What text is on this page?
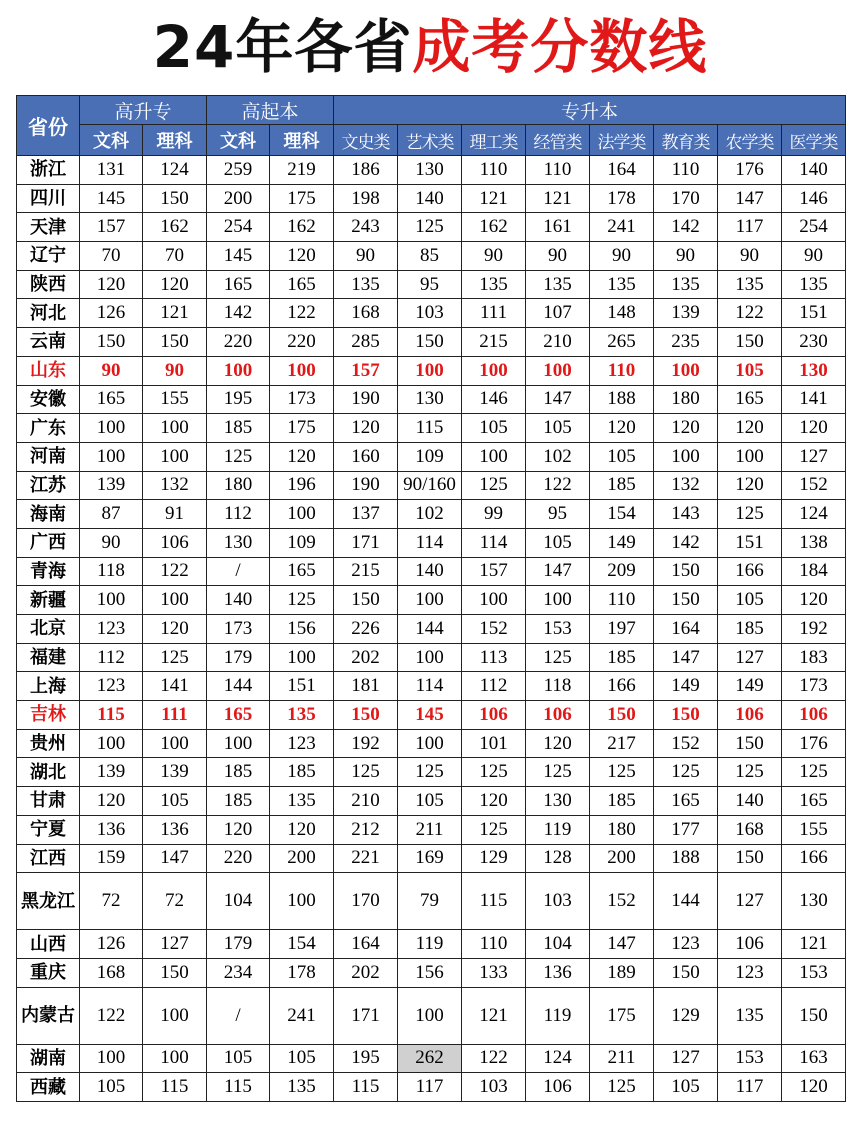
24年各省成考分数线
省份	高升专		高起本		专升本							
	文科	理科	文科	理科	文史类	艺术类	理工类	经管类	法学类	教育类	农学类	医学类
浙江	131	124	259	219	186	130	110	110	164	110	176	140
四川	145	150	200	175	198	140	121	121	178	170	147	146
天津	157	162	254	162	243	125	162	161	241	142	117	254
辽宁	70	70	145	120	90	85	90	90	90	90	90	90
陕西	120	120	165	165	135	95	135	135	135	135	135	135
河北	126	121	142	122	168	103	111	107	148	139	122	151
云南	150	150	220	220	285	150	215	210	265	235	150	230
山东	90	90	100	100	157	100	100	100	110	100	105	130
安徽	165	155	195	173	190	130	146	147	188	180	165	141
广东	100	100	185	175	120	115	105	105	120	120	120	120
河南	100	100	125	120	160	109	100	102	105	100	100	127
江苏	139	132	180	196	190	90/160	125	122	185	132	120	152
海南	87	91	112	100	137	102	99	95	154	143	125	124
广西	90	106	130	109	171	114	114	105	149	142	151	138
青海	118	122	/	165	215	140	157	147	209	150	166	184
新疆	100	100	140	125	150	100	100	100	110	150	105	120
北京	123	120	173	156	226	144	152	153	197	164	185	192
福建	112	125	179	100	202	100	113	125	185	147	127	183
上海	123	141	144	151	181	114	112	118	166	149	149	173
吉林	115	111	165	135	150	145	106	106	150	150	106	106
贵州	100	100	100	123	192	100	101	120	217	152	150	176
湖北	139	139	185	185	125	125	125	125	125	125	125	125
甘肃	120	105	185	135	210	105	120	130	185	165	140	165
宁夏	136	136	120	120	212	211	125	119	180	177	168	155
江西	159	147	220	200	221	169	129	128	200	188	150	166
黑龙江	72	72	104	100	170	79	115	103	152	144	127	130
山西	126	127	179	154	164	119	110	104	147	123	106	121
重庆	168	150	234	178	202	156	133	136	189	150	123	153
内蒙古	122	100	/	241	171	100	121	119	175	129	135	150
湖南	100	100	105	105	195	262	122	124	211	127	153	163
西藏	105	115	115	135	115	117	103	106	125	105	117	120
